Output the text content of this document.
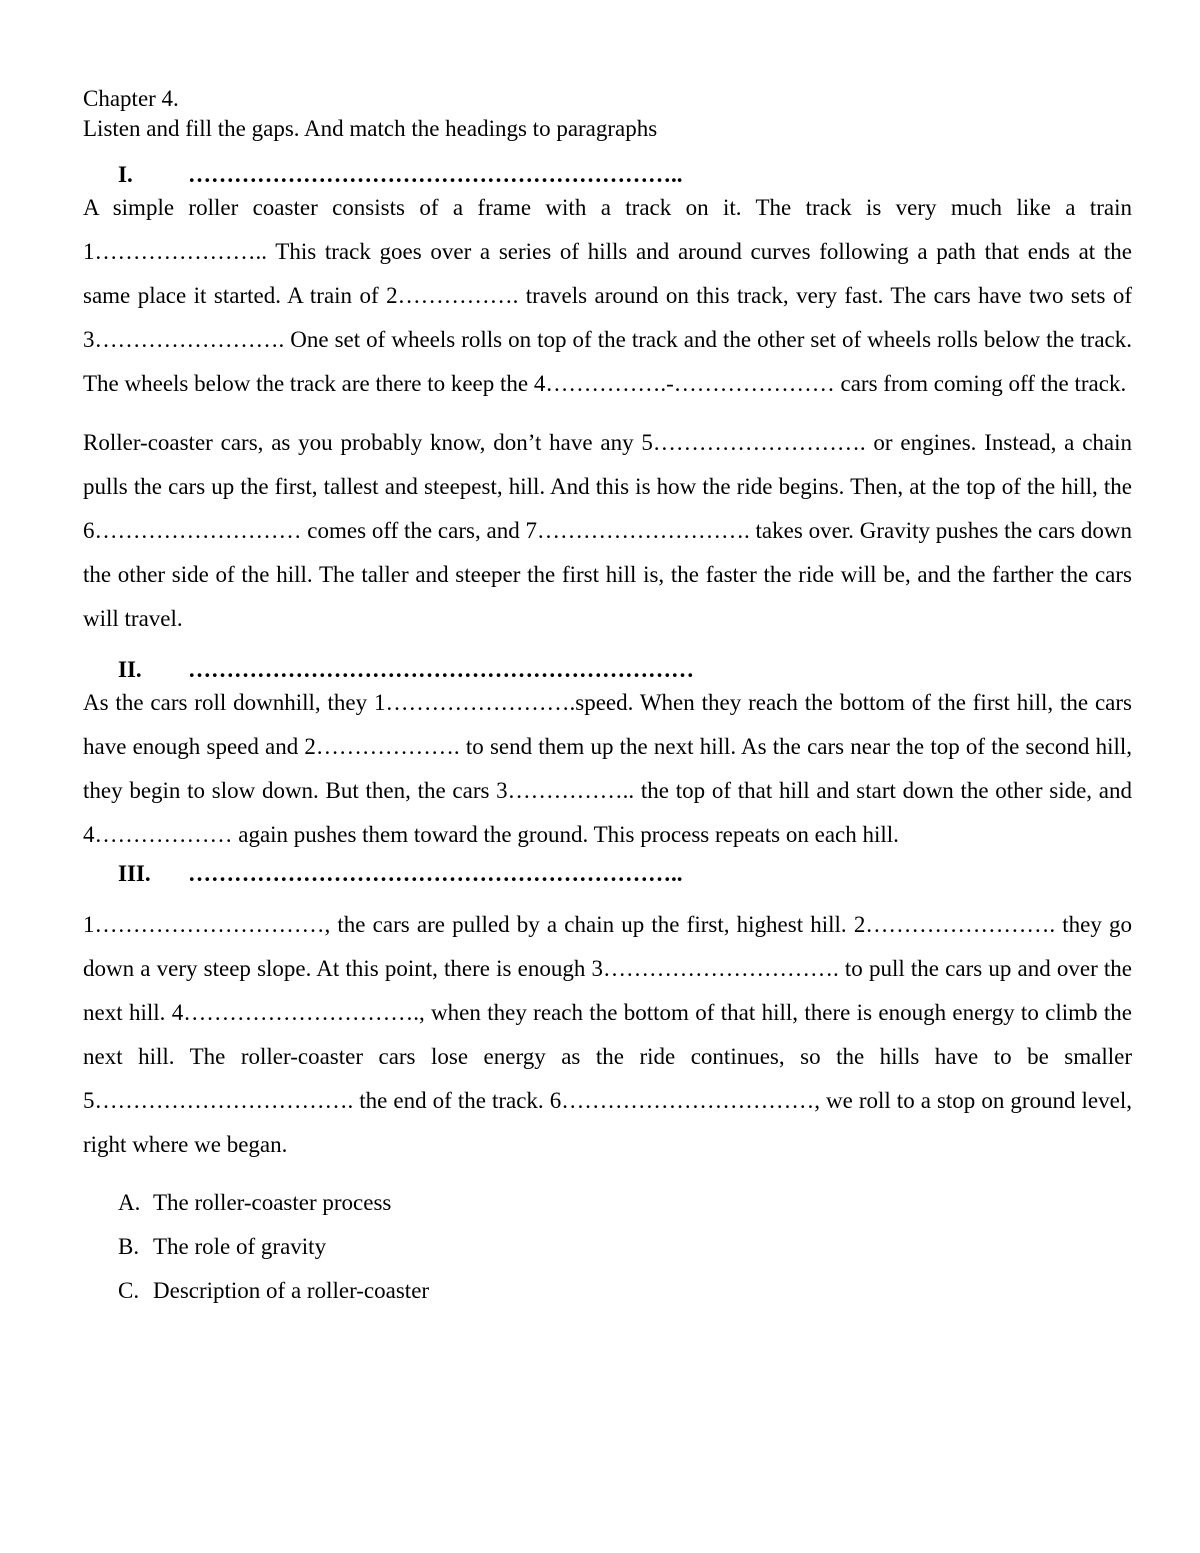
Chapter 4.

Listen and fill the gaps. And match the headings to paragraphs

I.	………………………………………………………..

A simple roller coaster consists of a frame with a track on it. The track is very much like a train 1………………….. This track goes over a series of hills and around curves following a path that ends at the same place it started. A train of 2……………. travels around on this track, very fast. The cars have two sets of 3……………………. One set of wheels rolls on top of the track and the other set of wheels rolls below the track. The wheels below the track are there to keep the 4…………….-………………… cars from coming off the track.

Roller-coaster cars, as you probably know, don’t have any 5………………………. or engines. Instead, a chain pulls the cars up the first, tallest and steepest, hill. And this is how the ride begins. Then, at the top of the hill, the 6……………………… comes off the cars, and 7………………………. takes over. Gravity pushes the cars down the other side of the hill. The taller and steeper the first hill is, the faster the ride will be, and the farther the cars will travel.

II.	…………………………………………………………

As the cars roll downhill, they 1…………………….speed. When they reach the bottom of the first hill, the cars have enough speed and 2………………. to send them up the next hill. As the cars near the top of the second hill, they begin to slow down. But then, the cars 3…………….. the top of that hill and start down the other side, and 4……………… again pushes them toward the ground. This process repeats on each hill.

III.	………………………………………………………..

1…………………………, the cars are pulled by a chain up the first, highest hill. 2……………………. they go down a very steep slope. At this point, there is enough 3…………………………. to pull the cars up and over the next hill. 4…………………………., when they reach the bottom of that hill, there is enough energy to climb the next hill. The roller-coaster cars lose energy as the ride continues, so the hills have to be smaller 5……………………………. the end of the track. 6……………………………, we roll to a stop on ground level, right where we began.

A. The roller-coaster process
B. The role of gravity
C. Description of a roller-coaster
